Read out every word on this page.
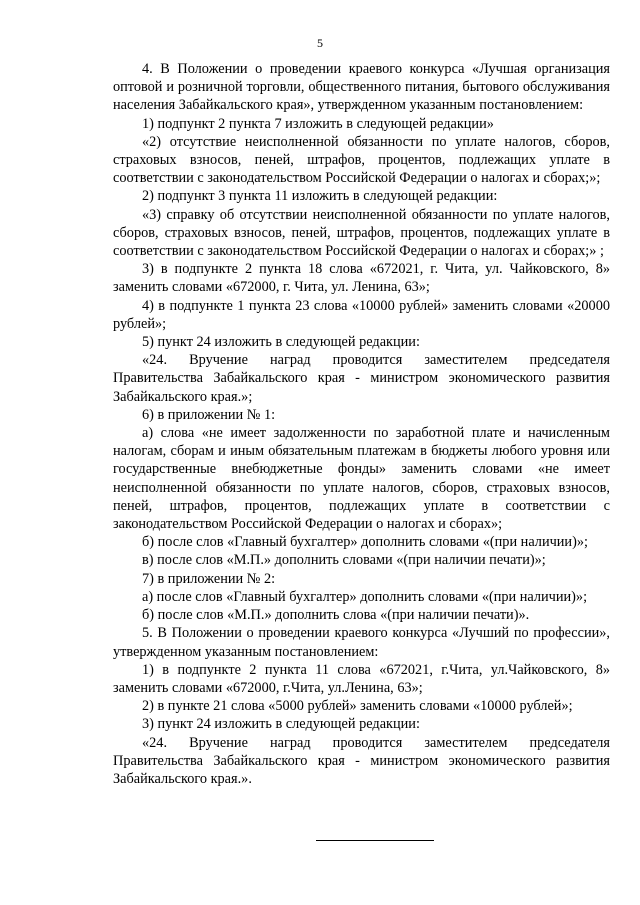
5

4. В Положении о проведении краевого конкурса «Лучшая организация оптовой и розничной торговли, общественного питания, бытового обслуживания населения Забайкальского края», утвержденном указанным постановлением:

1) подпункт 2 пункта 7 изложить в следующей редакции»

«2) отсутствие неисполненной обязанности по уплате налогов, сборов, страховых взносов, пеней, штрафов, процентов, подлежащих уплате в соответствии с законодательством Российской Федерации о налогах и сборах;»;

2) подпункт 3 пункта 11 изложить в следующей редакции:

«3) справку об отсутствии неисполненной обязанности по уплате налогов, сборов, страховых взносов, пеней, штрафов, процентов, подлежащих уплате в соответствии с законодательством Российской Федерации о налогах и сборах;» ;

3) в подпункте 2 пункта 18 слова «672021, г. Чита, ул. Чайковского, 8» заменить словами «672000, г. Чита, ул. Ленина, 63»;

4) в подпункте 1 пункта 23 слова «10000 рублей» заменить словами «20000 рублей»;

5) пункт 24 изложить в следующей редакции:

«24. Вручение наград проводится заместителем председателя Правительства Забайкальского края - министром экономического развития Забайкальского края.»;

6) в приложении № 1:

а) слова «не имеет задолженности по заработной плате и начисленным налогам, сборам и иным обязательным платежам в бюджеты любого уровня или государственные внебюджетные фонды» заменить словами «не имеет неисполненной обязанности по уплате налогов, сборов, страховых взносов, пеней, штрафов, процентов, подлежащих уплате в соответствии с законодательством Российской Федерации о налогах и сборах»;

б) после слов «Главный бухгалтер» дополнить словами «(при наличии)»;

в) после слов «М.П.» дополнить словами «(при наличии печати)»;

7) в приложении № 2:

а) после слов «Главный бухгалтер» дополнить словами «(при наличии)»;

б) после слов «М.П.» дополнить слова «(при наличии печати)».

5. В Положении о проведении краевого конкурса «Лучший по профессии», утвержденном указанным постановлением:

1) в подпункте 2 пункта 11 слова «672021, г.Чита, ул.Чайковского, 8» заменить словами «672000, г.Чита, ул.Ленина, 63»;

2) в пункте 21 слова «5000 рублей» заменить словами «10000 рублей»;

3) пункт 24 изложить в следующей редакции:

«24. Вручение наград проводится заместителем председателя Правительства Забайкальского края - министром экономического развития Забайкальского края.».
